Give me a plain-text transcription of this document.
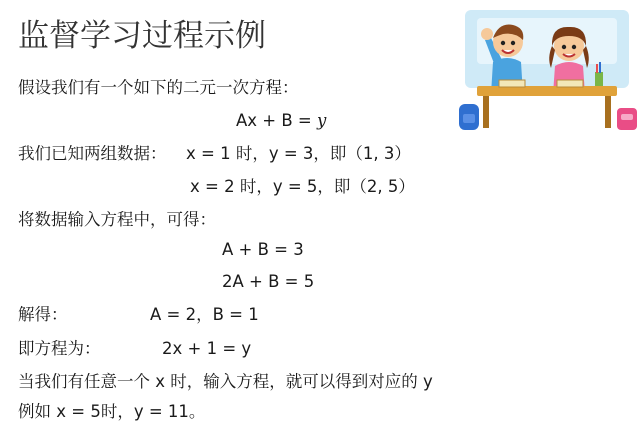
监督学习过程示例
假设我们有一个如下的二元一次方程：
Ax + B = y
我们已知两组数据： x = 1 时，y = 3，即（1, 3）
x = 2 时，y = 5，即（2, 5）
将数据输入方程中，可得：
A + B = 3
2A + B = 5
解得：	A = 2，B = 1
即方程为：	2x + 1 = y
当我们有任意一个 x 时，输入方程，就可以得到对应的 y
例如 x = 5时，y = 11。
